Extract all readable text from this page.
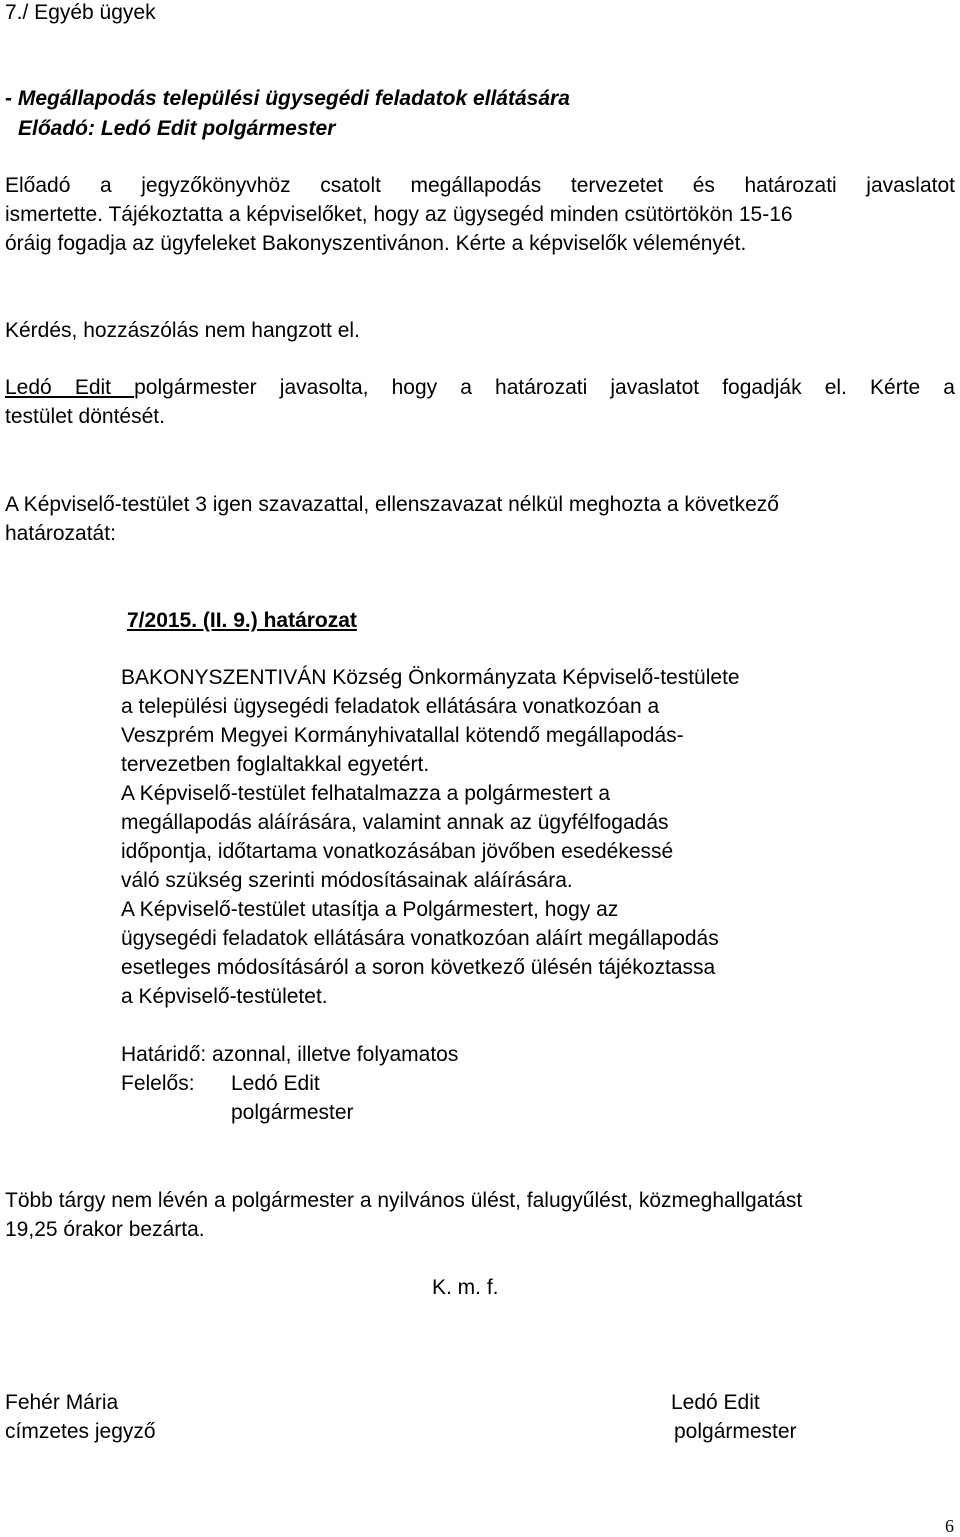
7./ Egyéb ügyek
- Megállapodás települési ügysegédi feladatok ellátására
Előadó: Ledó Edit polgármester
Előadó a jegyzőkönyvhöz csatolt megállapodás tervezetet és határozati javaslatot
ismertette. Tájékoztatta a képviselőket, hogy az ügysegéd minden csütörtökön 15-16
óráig fogadja az ügyfeleket Bakonyszentivánon. Kérte a képviselők véleményét.
Kérdés, hozzászólás nem hangzott el.
Ledó Edit polgármester javasolta, hogy a határozati javaslatot fogadják el. Kérte a
testület döntését.
A Képviselő-testület 3 igen szavazattal, ellenszavazat nélkül meghozta a következő
határozatát:
7/2015. (II. 9.) határozat
BAKONYSZENTIVÁN Község Önkormányzata Képviselő-testülete
a települési ügysegédi feladatok ellátására vonatkozóan a
Veszprém Megyei Kormányhivatallal kötendő megállapodás-
tervezetben foglaltakkal egyetért.
A Képviselő-testület felhatalmazza a polgármestert a
megállapodás aláírására, valamint annak az ügyfélfogadás
időpontja, időtartama vonatkozásában jövőben esedékessé
váló szükség szerinti módosításainak aláírására.
A Képviselő-testület utasítja a Polgármestert, hogy az
ügysegédi feladatok ellátására vonatkozóan aláírt megállapodás
esetleges módosításáról a soron következő ülésén tájékoztassa
a Képviselő-testületet.
Határidő: azonnal, illetve folyamatos
Felelős: Ledó Edit
polgármester
Több tárgy nem lévén a polgármester a nyilvános ülést, falugyűlést, közmeghallgatást
19,25 órakor bezárta.
K. m. f.
Fehér Mária
címzetes jegyző
Ledó Edit
polgármester
6
